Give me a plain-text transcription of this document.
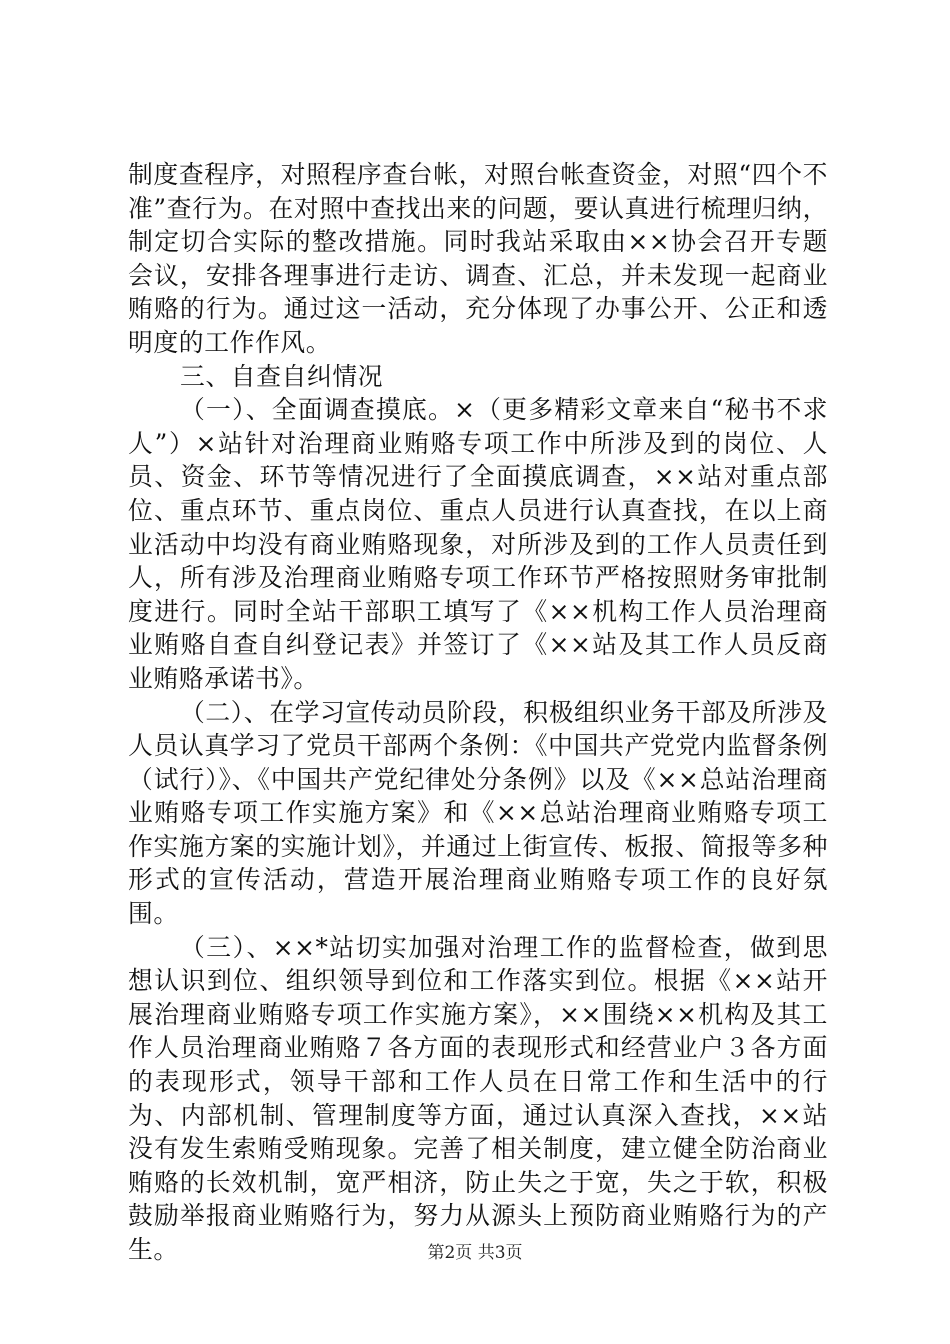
制度查程序，对照程序查台帐，对照台帐查资金，对照“四个不准”查行为。在对照中查找出来的问题，要认真进行梳理归纳，制定切合实际的整改措施。同时我站采取由××协会召开专题会议，安排各理事进行走访、调查、汇总，并未发现一起商业贿赂的行为。通过这一活动，充分体现了办事公开、公正和透明度的工作作风。

三、自查自纠情况

（一）、全面调查摸底。×（更多精彩文章来自“秘书不求人”）×站针对治理商业贿赂专项工作中所涉及到的岗位、人员、资金、环节等情况进行了全面摸底调查，××站对重点部位、重点环节、重点岗位、重点人员进行认真查找，在以上商业活动中均没有商业贿赂现象，对所涉及到的工作人员责任到人，所有涉及治理商业贿赂专项工作环节严格按照财务审批制度进行。同时全站干部职工填写了《××机构工作人员治理商业贿赂自查自纠登记表》并签订了《××站及其工作人员反商业贿赂承诺书》。

（二）、在学习宣传动员阶段，积极组织业务干部及所涉及人员认真学习了党员干部两个条例：《中国共产党党内监督条例（试行）》、《中国共产党纪律处分条例》以及《××总站治理商业贿赂专项工作实施方案》和《××总站治理商业贿赂专项工作实施方案的实施计划》，并通过上街宣传、板报、简报等多种形式的宣传活动，营造开展治理商业贿赂专项工作的良好氛围。

（三）、××*站切实加强对治理工作的监督检查，做到思想认识到位、组织领导到位和工作落实到位。根据《××站开展治理商业贿赂专项工作实施方案》，××围绕××机构及其工作人员治理商业贿赂７各方面的表现形式和经营业户３各方面的表现形式，领导干部和工作人员在日常工作和生活中的行为、内部机制、管理制度等方面，通过认真深入查找，××站没有发生索贿受贿现象。完善了相关制度，建立健全防治商业贿赂的长效机制，宽严相济，防止失之于宽，失之于软，积极鼓励举报商业贿赂行为，努力从源头上预防商业贿赂行为的产生。	第2页 共3页
